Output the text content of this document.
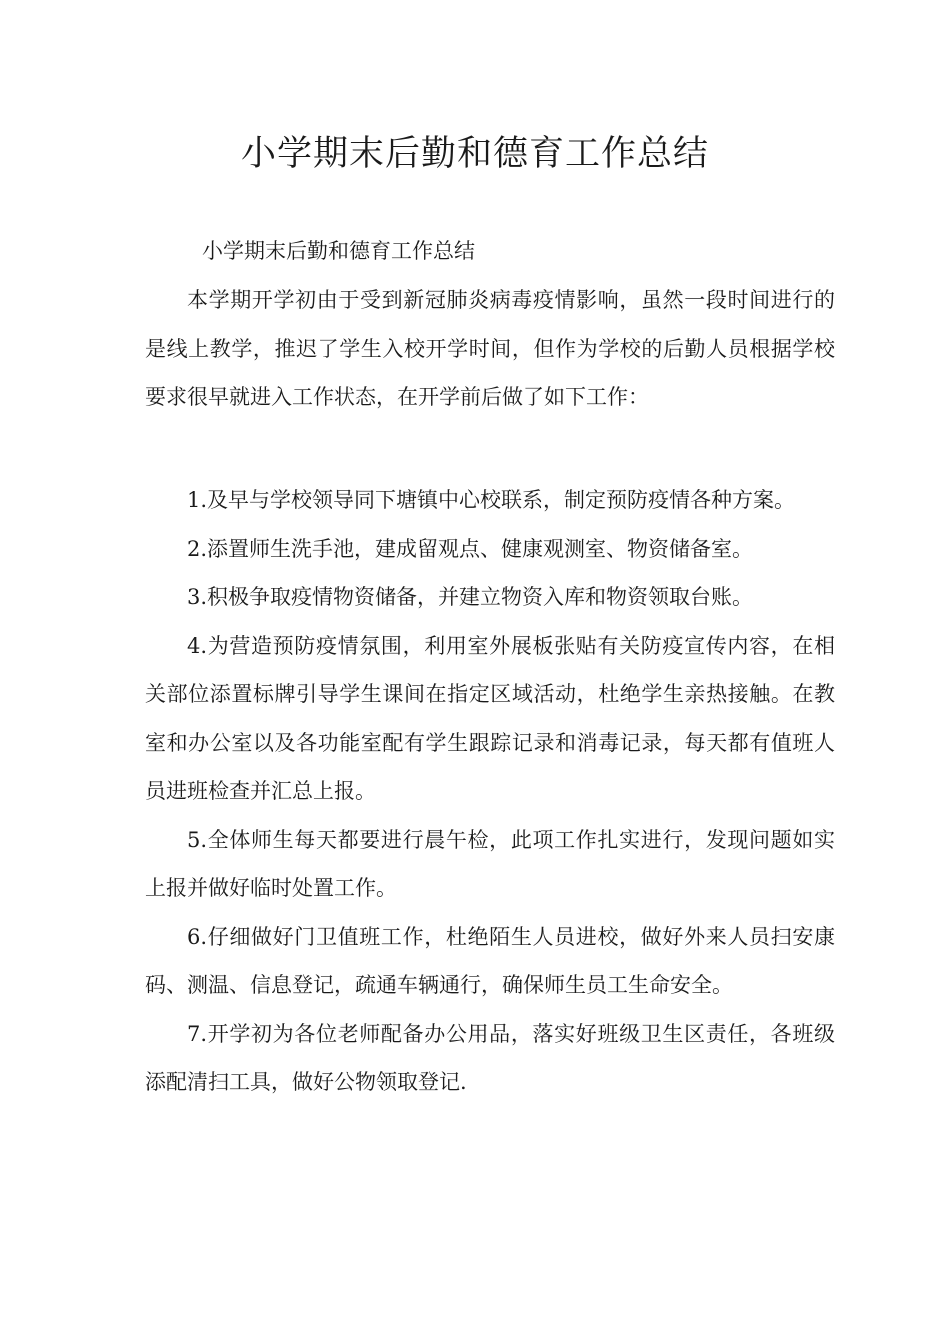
小学期末后勤和德育工作总结
小学期末后勤和德育工作总结

本学期开学初由于受到新冠肺炎病毒疫情影响，虽然一段时间进行的是线上教学，推迟了学生入校开学时间，但作为学校的后勤人员根据学校要求很早就进入工作状态，在开学前后做了如下工作：

1.及早与学校领导同下塘镇中心校联系，制定预防疫情各种方案。

2.添置师生洗手池，建成留观点、健康观测室、物资储备室。

3.积极争取疫情物资储备，并建立物资入库和物资领取台账。

4.为营造预防疫情氛围，利用室外展板张贴有关防疫宣传内容，在相关部位添置标牌引导学生课间在指定区域活动，杜绝学生亲热接触。在教室和办公室以及各功能室配有学生跟踪记录和消毒记录，每天都有值班人员进班检查并汇总上报。

5.全体师生每天都要进行晨午检，此项工作扎实进行，发现问题如实上报并做好临时处置工作。

6.仔细做好门卫值班工作，杜绝陌生人员进校，做好外来人员扫安康码、测温、信息登记，疏通车辆通行，确保师生员工生命安全。

7.开学初为各位老师配备办公用品，落实好班级卫生区责任，各班级添配清扫工具，做好公物领取登记.
